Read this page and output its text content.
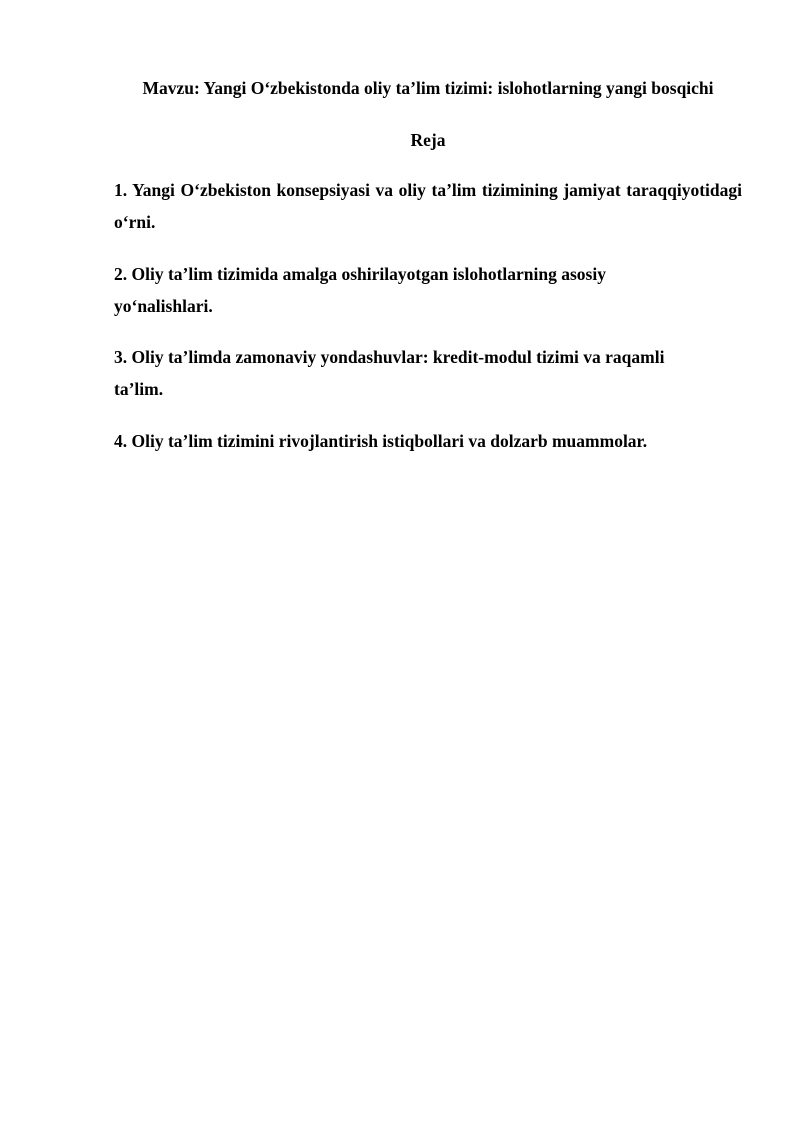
Mavzu: Yangi O‘zbekistonda oliy ta’lim tizimi: islohotlarning yangi bosqichi
Reja

1. Yangi O‘zbekiston konsepsiyasi va oliy ta’lim tizimining jamiyat taraqqiyotidagi o‘rni.

2. Oliy ta’lim tizimida amalga oshirilayotgan islohotlarning asosiy yo‘nalishlari.

3. Oliy ta’limda zamonaviy yondashuvlar: kredit-modul tizimi va raqamli ta’lim.

4. Oliy ta’lim tizimini rivojlantirish istiqbollari va dolzarb muammolar.
